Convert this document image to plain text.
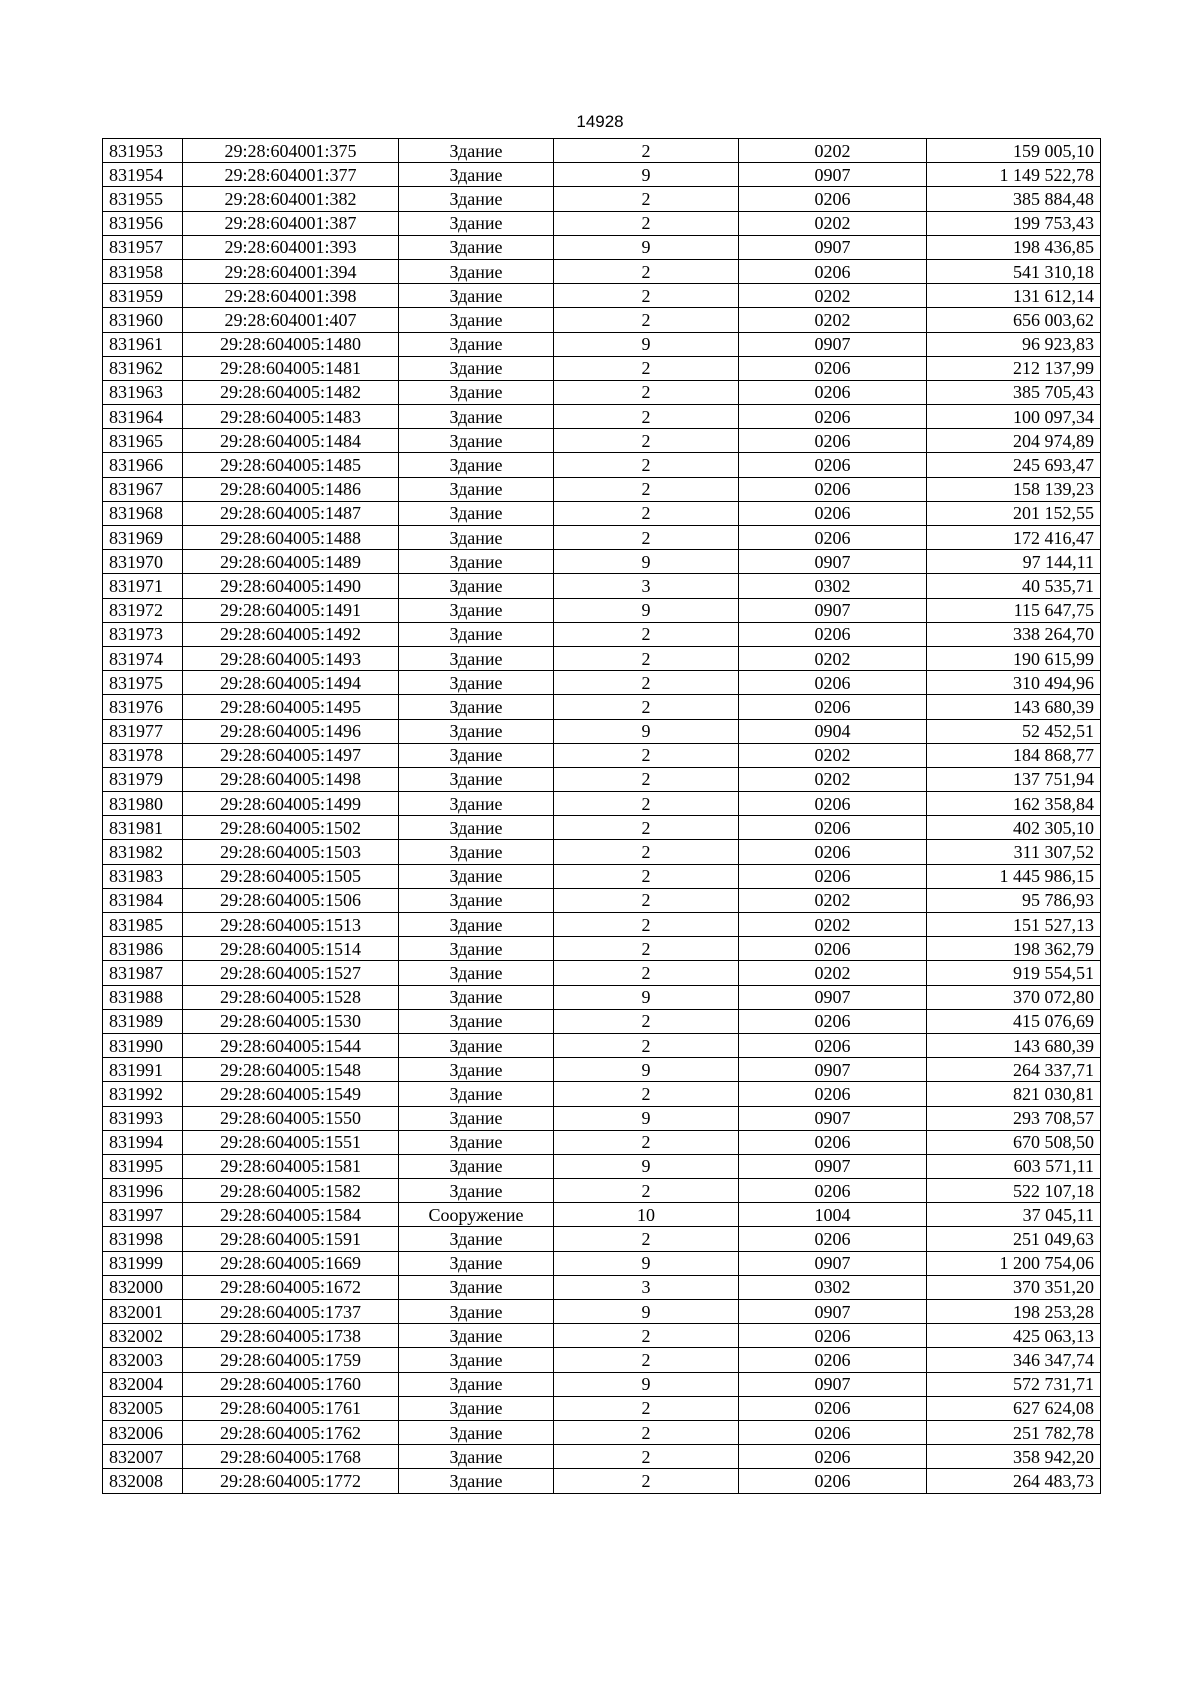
14928
831953	29:28:604001:375	Здание	2	0202	159 005,10
831954	29:28:604001:377	Здание	9	0907	1 149 522,78
831955	29:28:604001:382	Здание	2	0206	385 884,48
831956	29:28:604001:387	Здание	2	0202	199 753,43
831957	29:28:604001:393	Здание	9	0907	198 436,85
831958	29:28:604001:394	Здание	2	0206	541 310,18
831959	29:28:604001:398	Здание	2	0202	131 612,14
831960	29:28:604001:407	Здание	2	0202	656 003,62
831961	29:28:604005:1480	Здание	9	0907	96 923,83
831962	29:28:604005:1481	Здание	2	0206	212 137,99
831963	29:28:604005:1482	Здание	2	0206	385 705,43
831964	29:28:604005:1483	Здание	2	0206	100 097,34
831965	29:28:604005:1484	Здание	2	0206	204 974,89
831966	29:28:604005:1485	Здание	2	0206	245 693,47
831967	29:28:604005:1486	Здание	2	0206	158 139,23
831968	29:28:604005:1487	Здание	2	0206	201 152,55
831969	29:28:604005:1488	Здание	2	0206	172 416,47
831970	29:28:604005:1489	Здание	9	0907	97 144,11
831971	29:28:604005:1490	Здание	3	0302	40 535,71
831972	29:28:604005:1491	Здание	9	0907	115 647,75
831973	29:28:604005:1492	Здание	2	0206	338 264,70
831974	29:28:604005:1493	Здание	2	0202	190 615,99
831975	29:28:604005:1494	Здание	2	0206	310 494,96
831976	29:28:604005:1495	Здание	2	0206	143 680,39
831977	29:28:604005:1496	Здание	9	0904	52 452,51
831978	29:28:604005:1497	Здание	2	0202	184 868,77
831979	29:28:604005:1498	Здание	2	0202	137 751,94
831980	29:28:604005:1499	Здание	2	0206	162 358,84
831981	29:28:604005:1502	Здание	2	0206	402 305,10
831982	29:28:604005:1503	Здание	2	0206	311 307,52
831983	29:28:604005:1505	Здание	2	0206	1 445 986,15
831984	29:28:604005:1506	Здание	2	0202	95 786,93
831985	29:28:604005:1513	Здание	2	0202	151 527,13
831986	29:28:604005:1514	Здание	2	0206	198 362,79
831987	29:28:604005:1527	Здание	2	0202	919 554,51
831988	29:28:604005:1528	Здание	9	0907	370 072,80
831989	29:28:604005:1530	Здание	2	0206	415 076,69
831990	29:28:604005:1544	Здание	2	0206	143 680,39
831991	29:28:604005:1548	Здание	9	0907	264 337,71
831992	29:28:604005:1549	Здание	2	0206	821 030,81
831993	29:28:604005:1550	Здание	9	0907	293 708,57
831994	29:28:604005:1551	Здание	2	0206	670 508,50
831995	29:28:604005:1581	Здание	9	0907	603 571,11
831996	29:28:604005:1582	Здание	2	0206	522 107,18
831997	29:28:604005:1584	Сооружение	10	1004	37 045,11
831998	29:28:604005:1591	Здание	2	0206	251 049,63
831999	29:28:604005:1669	Здание	9	0907	1 200 754,06
832000	29:28:604005:1672	Здание	3	0302	370 351,20
832001	29:28:604005:1737	Здание	9	0907	198 253,28
832002	29:28:604005:1738	Здание	2	0206	425 063,13
832003	29:28:604005:1759	Здание	2	0206	346 347,74
832004	29:28:604005:1760	Здание	9	0907	572 731,71
832005	29:28:604005:1761	Здание	2	0206	627 624,08
832006	29:28:604005:1762	Здание	2	0206	251 782,78
832007	29:28:604005:1768	Здание	2	0206	358 942,20
832008	29:28:604005:1772	Здание	2	0206	264 483,73
